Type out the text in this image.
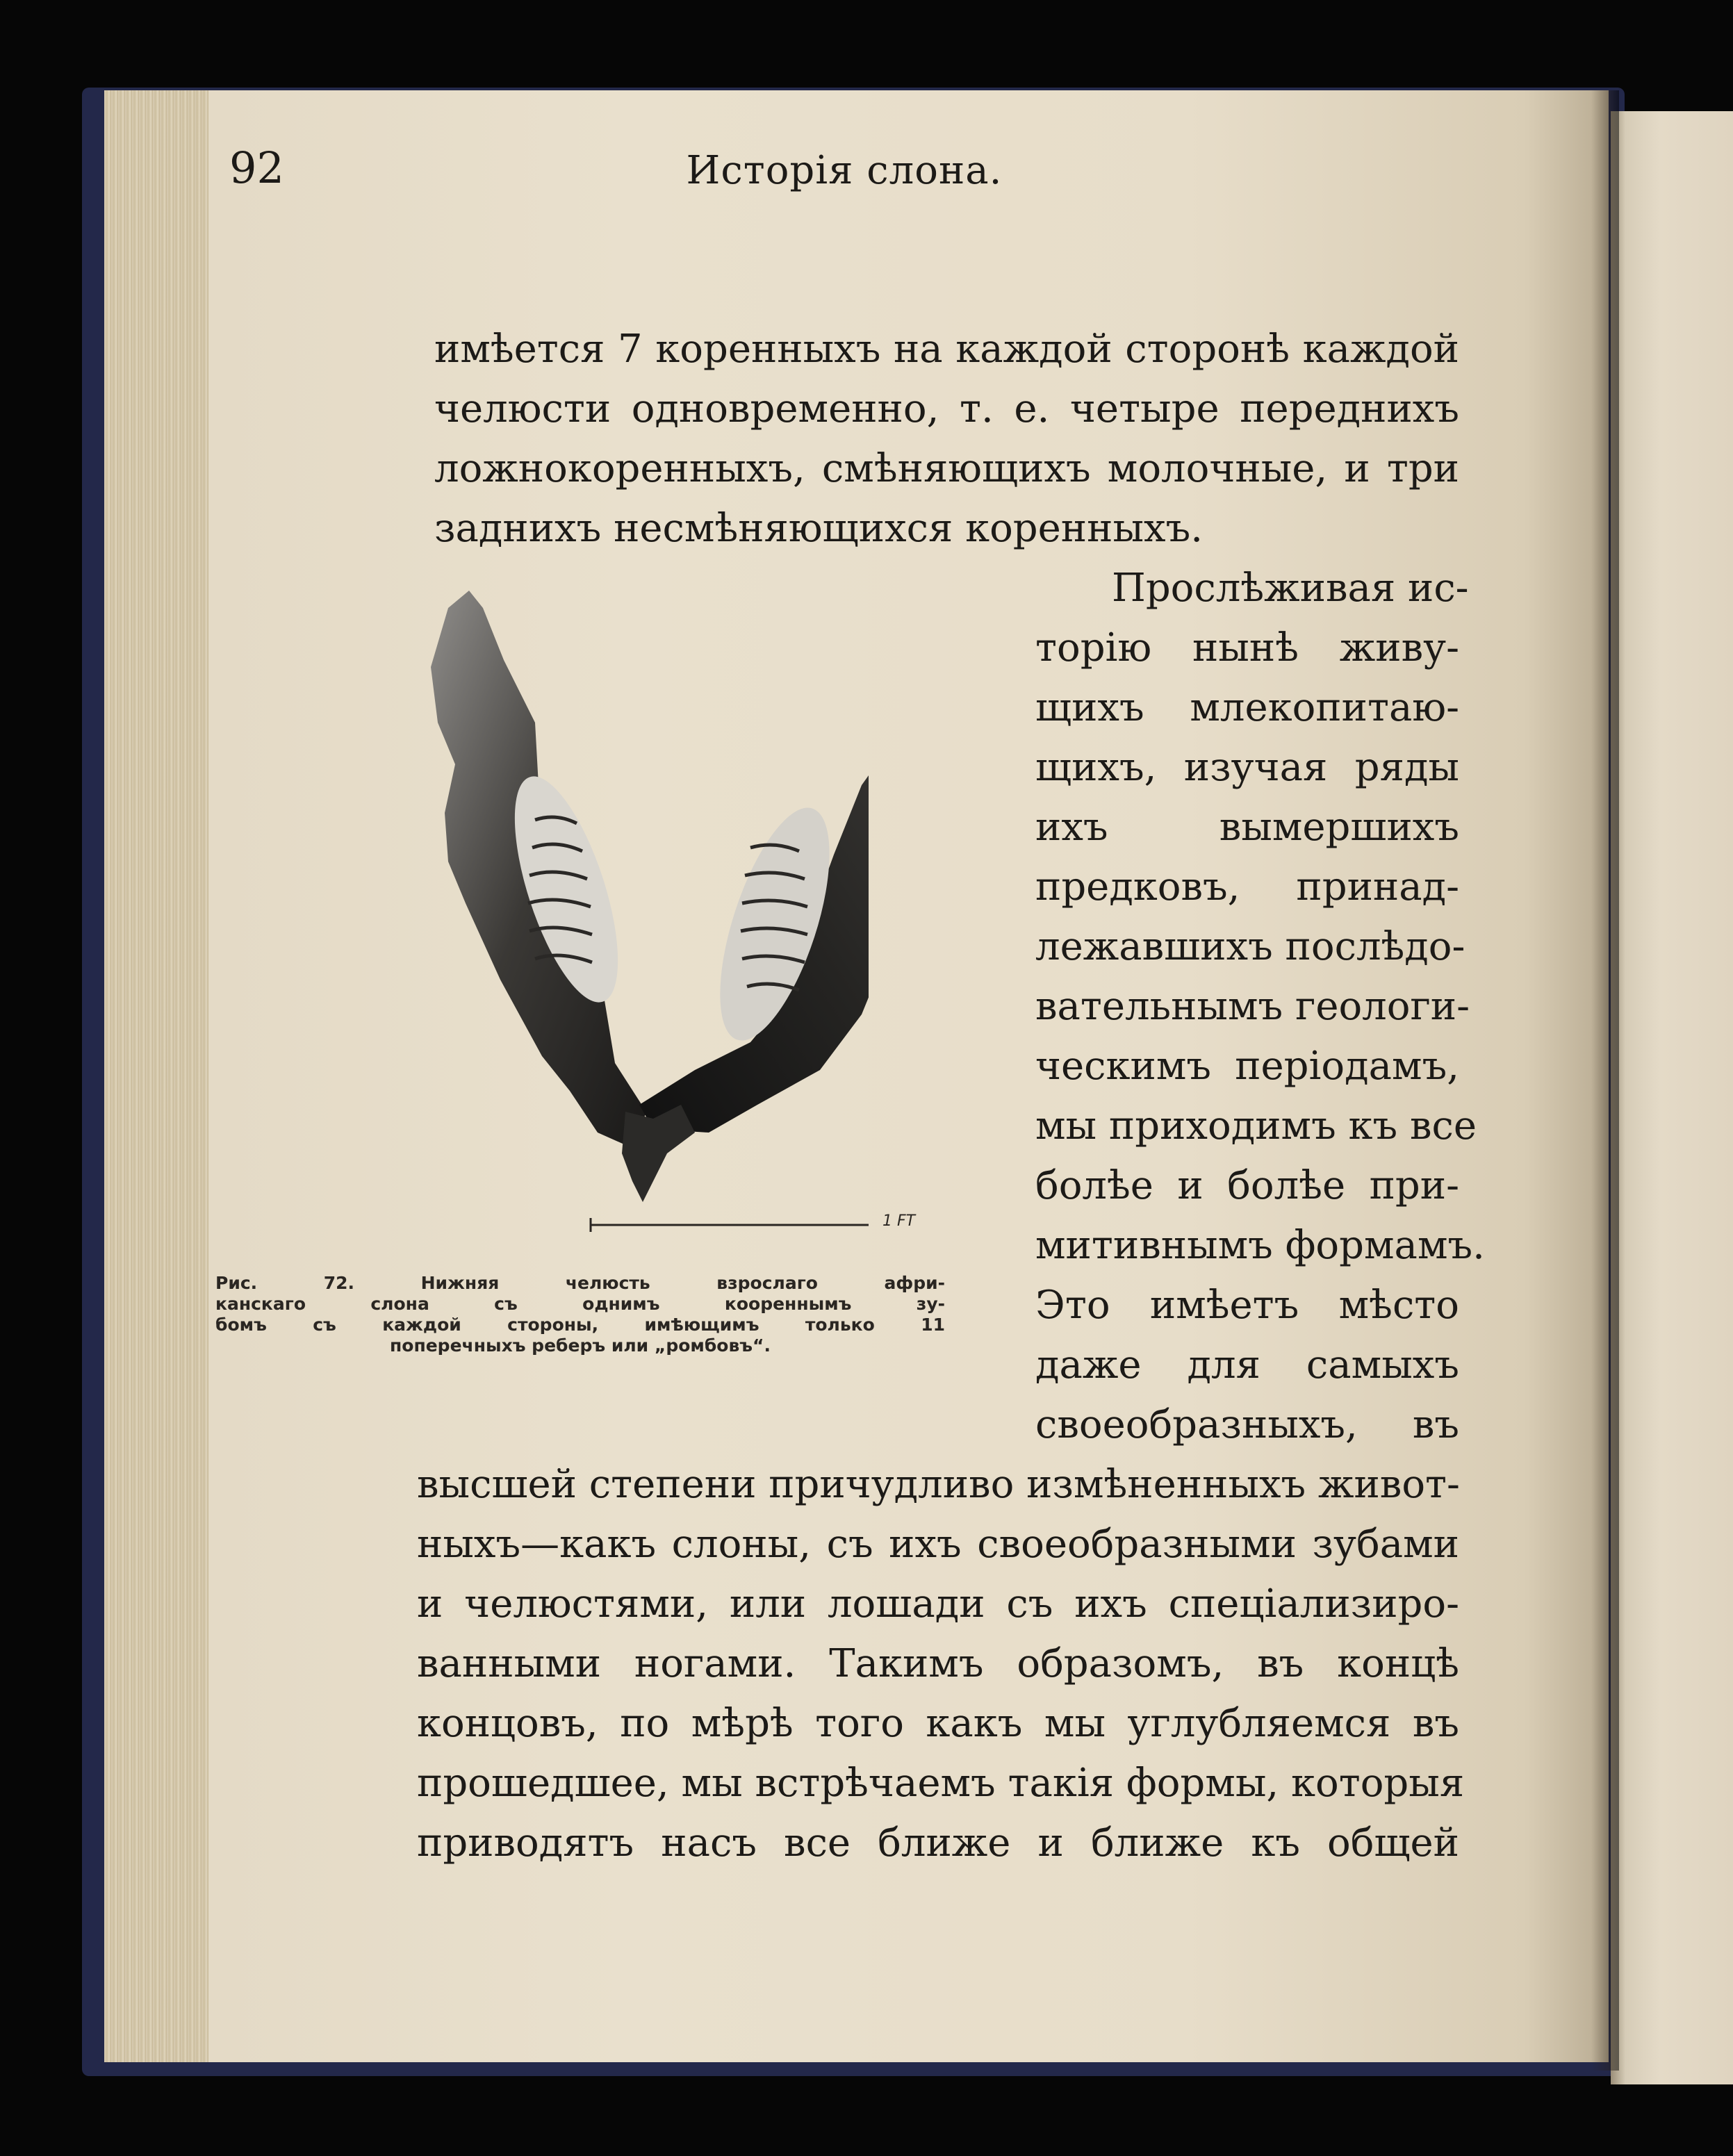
92	Исторія слона.
имѣется 7 коренныхъ на каждой сторонѣ каждой
челюсти одновременно, т. е. четыре переднихъ
ложнокоренныхъ, смѣняющихъ молочные, и три
заднихъ несмѣняющихся коренныхъ.
Прослѣживая ис-
торію нынѣ живу-
щихъ млекопитаю-
щихъ, изучая ряды
ихъ вымершихъ
предковъ, принад-
лежавшихъ послѣдо-
вательнымъ геологи-
ческимъ періодамъ,
мы приходимъ къ все
болѣе и болѣе при-
митивнымъ формамъ.
Это имѣетъ мѣсто
даже для самыхъ
своеобразныхъ, въ
высшей степени причудливо измѣненныхъ живот-
ныхъ—какъ слоны, съ ихъ своеобразными зубами
и челюстями, или лошади съ ихъ спеціализиро-
ванными ногами. Такимъ образомъ, въ концѣ
концовъ, по мѣрѣ того какъ мы углубляемся въ
прошедшее, мы встрѣчаемъ такія формы, которыя
приводятъ насъ все ближе и ближе къ общей
1 FT
Рис. 72. Нижняя челюсть взрослаго афри-
канскаго слона съ однимъ коореннымъ зу-
бомъ съ каждой стороны, имѣющимъ только 11
поперечныхъ реберъ или „ромбовъ“.
